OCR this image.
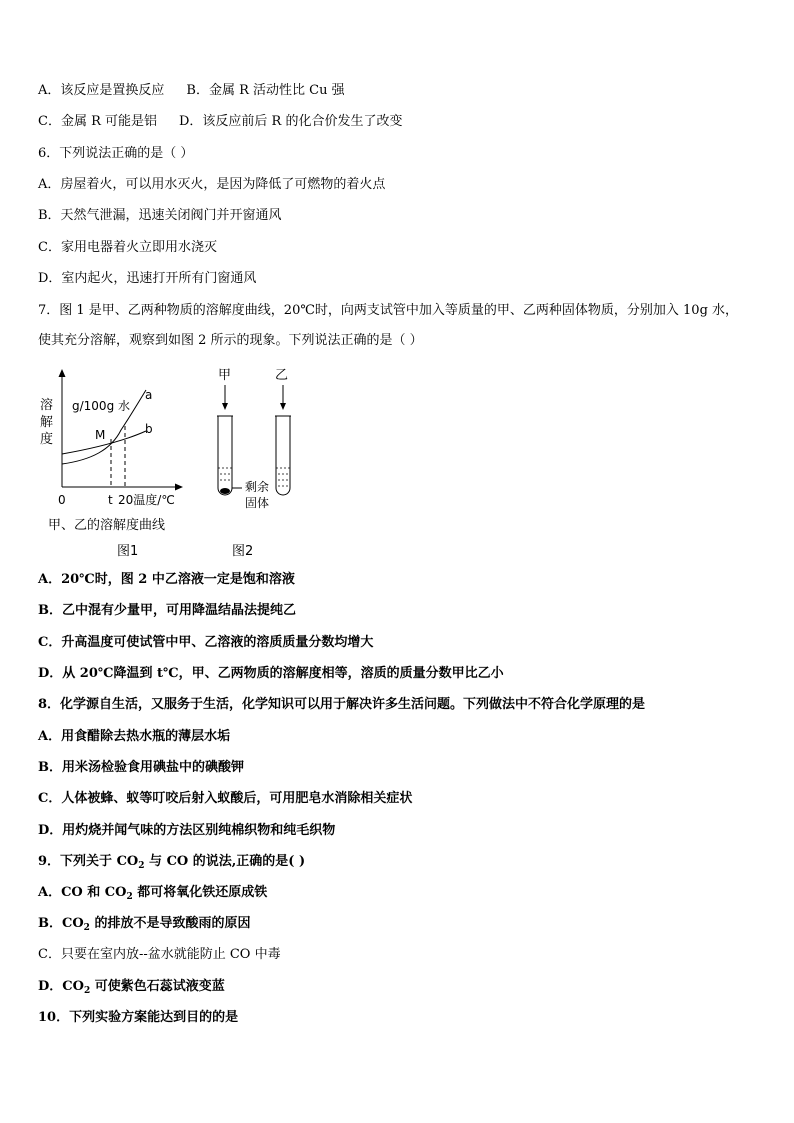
A．该反应是置换反应 B．金属 R 活动性比 Cu 强
C．金属 R 可能是铝 D．该反应前后 R 的化合价发生了改变
6．下列说法正确的是（ ）
A．房屋着火，可以用水灭火，是因为降低了可燃物的着火点
B．天然气泄漏，迅速关闭阀门并开窗通风
C．家用电器着火立即用水浇灭
D．室内起火，迅速打开所有门窗通风
7．图 1 是甲、乙两种物质的溶解度曲线，20℃时，向两支试管中加入等质量的甲、乙两种固体物质，分别加入 10g 水，
使其充分溶解，观察到如图 2 所示的现象。下列说法正确的是（ ）
溶
解
度
g/100g 水
a
b
M
0	t 20温度/℃
甲、乙的溶解度曲线
图1
甲	乙
剩余
固体
图2
A．20℃时，图 2 中乙溶液一定是饱和溶液
B．乙中混有少量甲，可用降温结晶法提纯乙
C．升高温度可使试管中甲、乙溶液的溶质质量分数均增大
D．从 20℃降温到 t℃，甲、乙两物质的溶解度相等，溶质的质量分数甲比乙小
8．化学源自生活，又服务于生活，化学知识可以用于解决许多生活问题。下列做法中不符合化学原理的是
A．用食醋除去热水瓶的薄层水垢
B．用米汤检验食用碘盐中的碘酸钾
C．人体被蜂、蚁等叮咬后射入蚁酸后，可用肥皂水消除相关症状
D．用灼烧并闻气味的方法区别纯棉织物和纯毛织物
9．下列关于 $CO_2$ 与 CO 的说法,正确的是( )
A．CO 和 $CO_2$ 都可将氧化铁还原成铁
B．$CO_2$ 的排放不是导致酸雨的原因
C．只要在室内放--盆水就能防止 CO 中毒
D．$CO_2$ 可使紫色石蕊试液变蓝
10．下列实验方案能达到目的的是
